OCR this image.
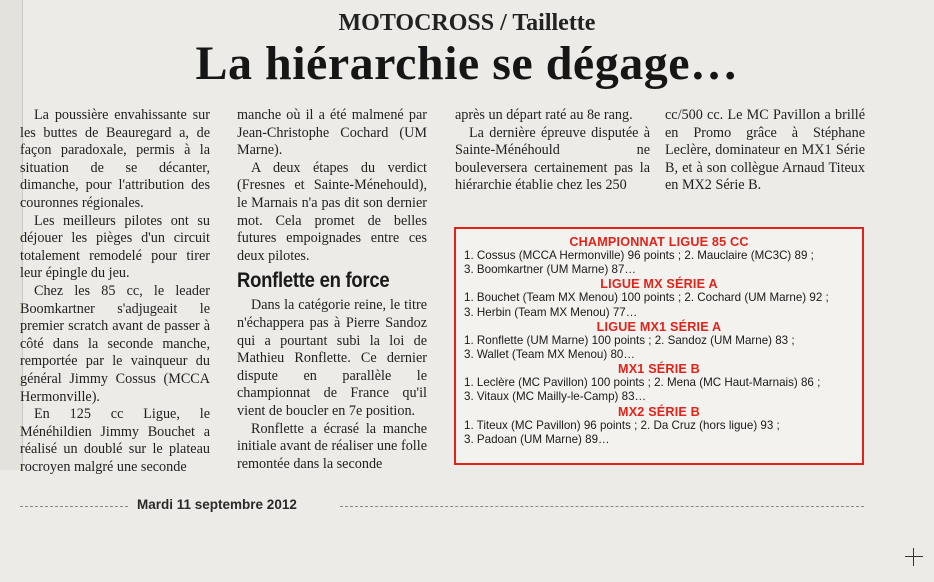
MOTOCROSS / Taillette
La hiérarchie se dégage…

La poussière envahissante sur les buttes de Beauregard a, de façon paradoxale, permis à la situation de se décanter, dimanche, pour l'attribution des couronnes régionales.

Les meilleurs pilotes ont su déjouer les pièges d'un circuit totalement remodelé pour tirer leur épingle du jeu.

Chez les 85 cc, le leader Boomkartner s'adjugeait le premier scratch avant de passer à côté dans la seconde manche, remportée par le vainqueur du général Jimmy Cossus (MCCA Hermonville).

En 125 cc Ligue, le Ménéhildien Jimmy Bouchet a réalisé un doublé sur le plateau rocroyen malgré une seconde

manche où il a été malmené par Jean-Christophe Cochard (UM Marne).

A deux étapes du verdict (Fresnes et Sainte-Ménehould), le Marnais n'a pas dit son dernier mot. Cela promet de belles futures empoignades entre ces deux pilotes.

Ronflette en force

Dans la catégorie reine, le titre n'échappera pas à Pierre Sandoz qui a pourtant subi la loi de Mathieu Ronflette. Ce dernier dispute en parallèle le championnat de France qu'il vient de boucler en 7e position.

Ronflette a écrasé la manche initiale avant de réaliser une folle remontée dans la seconde

après un départ raté au 8e rang.

La dernière épreuve disputée à Sainte-Ménéhould ne bouleversera certainement pas la hiérarchie établie chez les 250

cc/500 cc. Le MC Pavillon a brillé en Promo grâce à Stéphane Leclère, dominateur en MX1 Série B, et à son collègue Arnaud Titeux en MX2 Série B.

CHAMPIONNAT LIGUE 85 CC
1. Cossus (MCCA Hermonville) 96 points ; 2. Mauclaire (MC3C) 89 ;
3. Boomkartner (UM Marne) 87…
LIGUE MX SÉRIE A
1. Bouchet (Team MX Menou) 100 points ; 2. Cochard (UM Marne) 92 ;
3. Herbin (Team MX Menou) 77…
LIGUE MX1 SÉRIE A
1. Ronflette (UM Marne) 100 points ; 2. Sandoz (UM Marne) 83 ;
3. Wallet (Team MX Menou) 80…
MX1 SÉRIE B
1. Leclère (MC Pavillon) 100 points ; 2. Mena (MC Haut-Marnais) 86 ;
3. Vitaux (MC Mailly-le-Camp) 83…
MX2 SÉRIE B
1. Titeux (MC Pavillon) 96 points ; 2. Da Cruz (hors ligue) 93 ;
3. Padoan (UM Marne) 89…
Mardi 11 septembre 2012
